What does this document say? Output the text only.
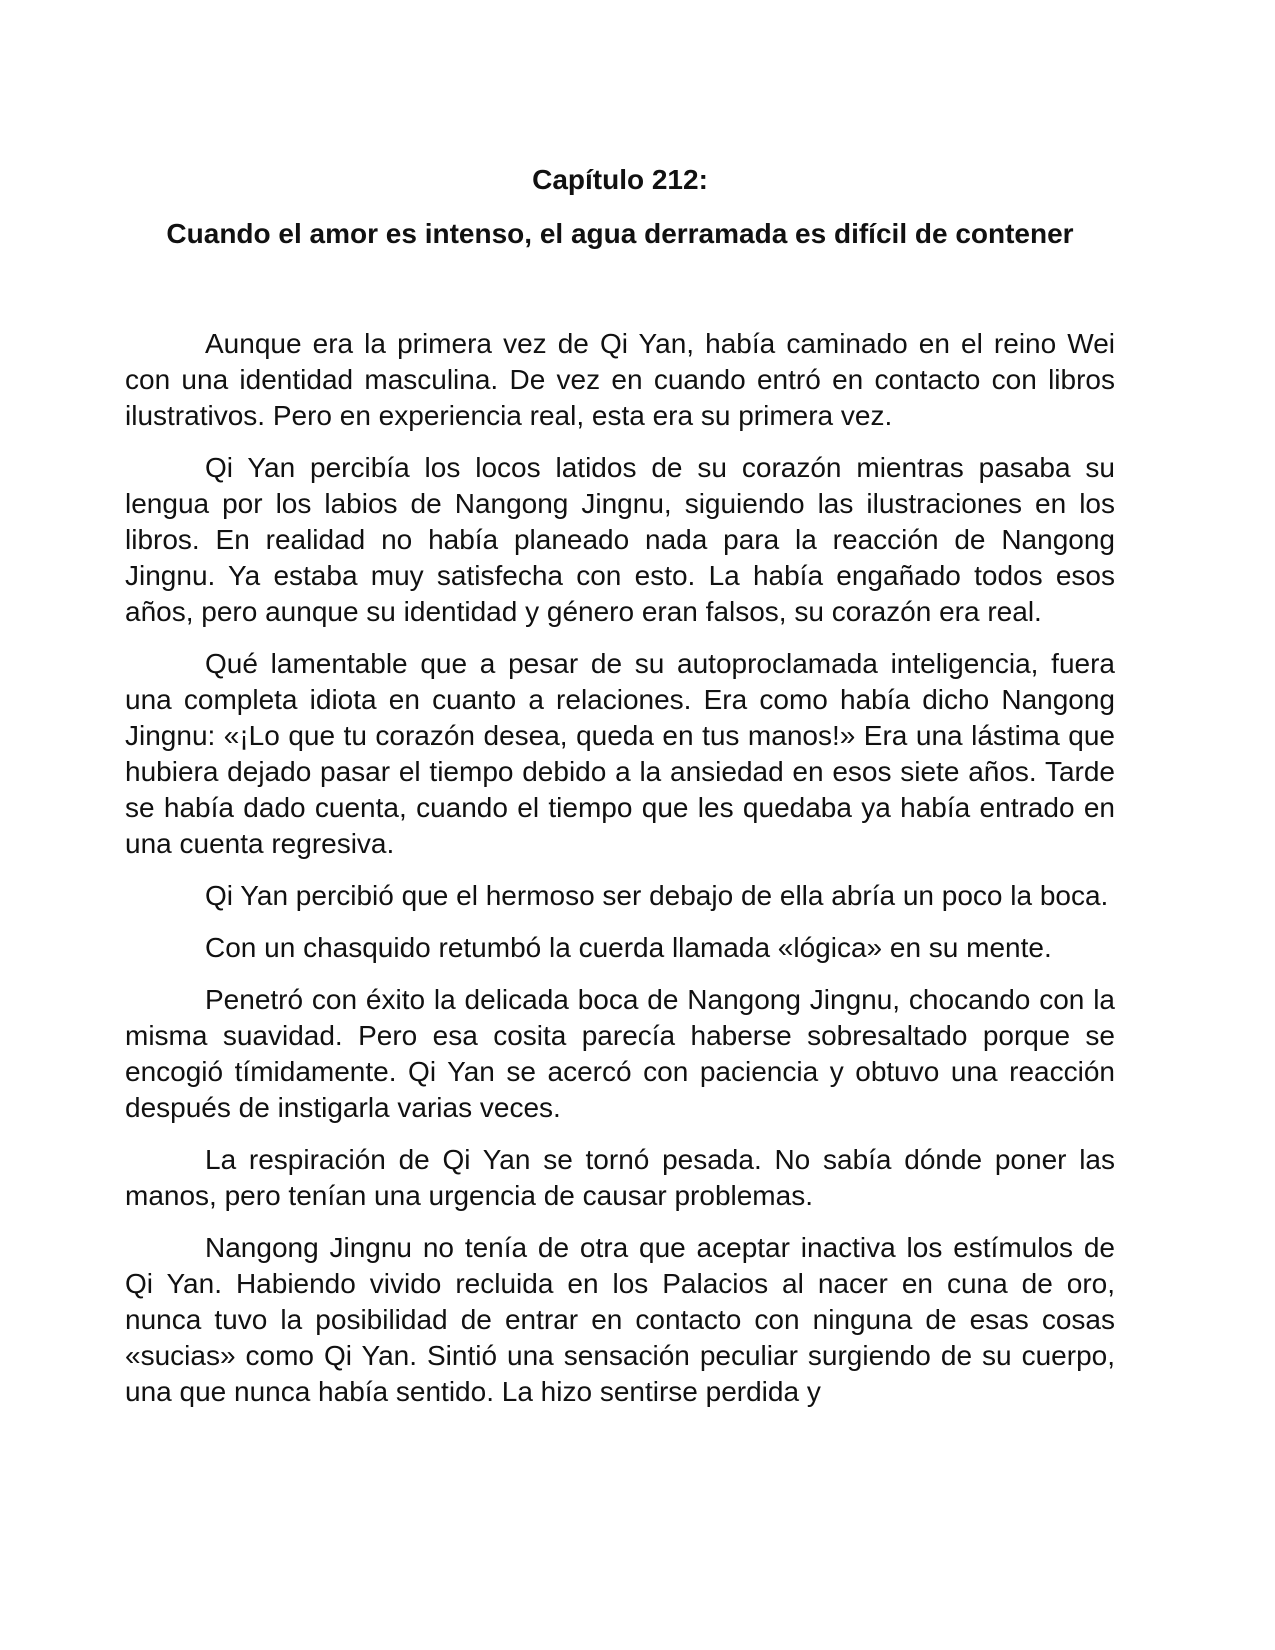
Capítulo 212:
Cuando el amor es intenso, el agua derramada es difícil de contener

Aunque era la primera vez de Qi Yan, había caminado en el reino Wei con una identidad masculina. De vez en cuando entró en contacto con libros ilustrativos. Pero en experiencia real, esta era su primera vez.

Qi Yan percibía los locos latidos de su corazón mientras pasaba su lengua por los labios de Nangong Jingnu, siguiendo las ilustraciones en los libros. En realidad no había planeado nada para la reacción de Nangong Jingnu. Ya estaba muy satisfecha con esto. La había engañado todos esos años, pero aunque su identidad y género eran falsos, su corazón era real.

Qué lamentable que a pesar de su autoproclamada inteligencia, fuera una completa idiota en cuanto a relaciones. Era como había dicho Nangong Jingnu: «¡Lo que tu corazón desea, queda en tus manos!» Era una lástima que hubiera dejado pasar el tiempo debido a la ansiedad en esos siete años. Tarde se había dado cuenta, cuando el tiempo que les quedaba ya había entrado en una cuenta regresiva.

Qi Yan percibió que el hermoso ser debajo de ella abría un poco la boca.

Con un chasquido retumbó la cuerda llamada «lógica» en su mente.

Penetró con éxito la delicada boca de Nangong Jingnu, chocando con la misma suavidad. Pero esa cosita parecía haberse sobresaltado porque se encogió tímidamente. Qi Yan se acercó con paciencia y obtuvo una reacción después de instigarla varias veces.

La respiración de Qi Yan se tornó pesada. No sabía dónde poner las manos, pero tenían una urgencia de causar problemas.

Nangong Jingnu no tenía de otra que aceptar inactiva los estímulos de Qi Yan. Habiendo vivido recluida en los Palacios al nacer en cuna de oro, nunca tuvo la posibilidad de entrar en contacto con ninguna de esas cosas «sucias» como Qi Yan. Sintió una sensación peculiar surgiendo de su cuerpo, una que nunca había sentido. La hizo sentirse perdida y
